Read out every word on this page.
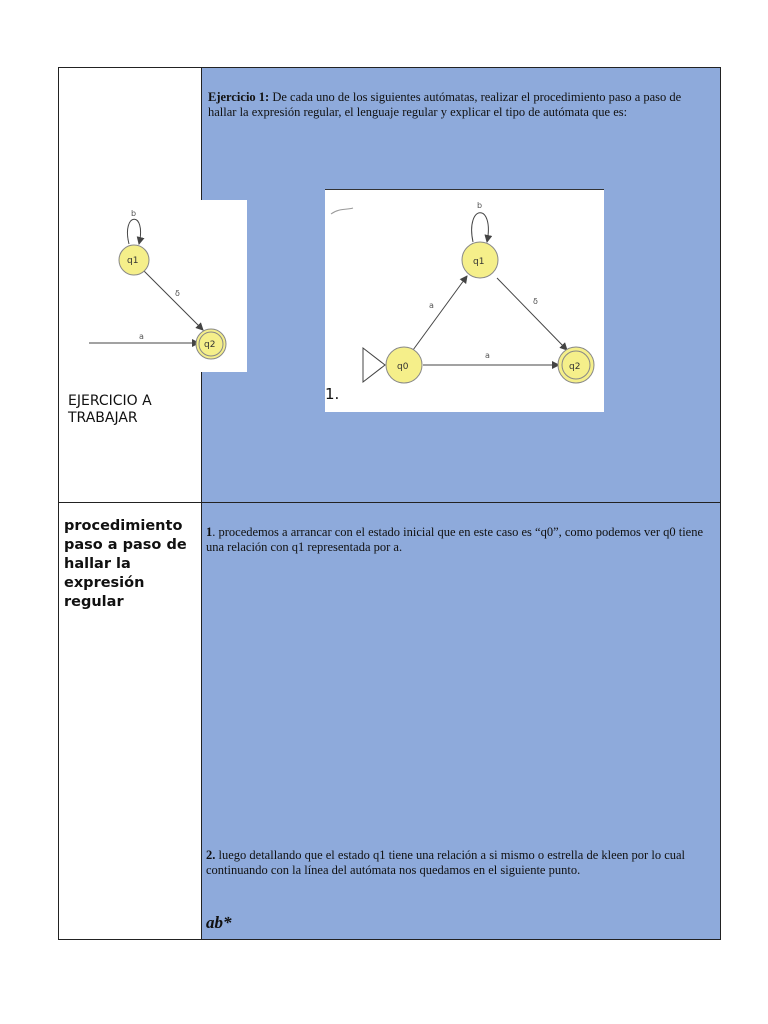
EJERCICIO A TRABAJAR
Ejercicio 1: De cada uno de los siguientes autómatas, realizar el procedimiento paso a paso de hallar la expresión regular, el lenguaje regular y explicar el tipo de autómata que es:
procedimiento paso a paso de hallar la expresión regular
1. procedemos a arrancar con el estado inicial que en este caso es “q0”, como podemos ver q0 tiene una relación con q1 representada por a.
2. luego detallando que el estado q1 tiene una relación a si mismo o estrella de kleen por lo cual continuando con la línea del autómata nos quedamos en el siguiente punto.
ab*
b
δ
a
q1
q2
b
a	δ
a
q1
q0	q2
1.
